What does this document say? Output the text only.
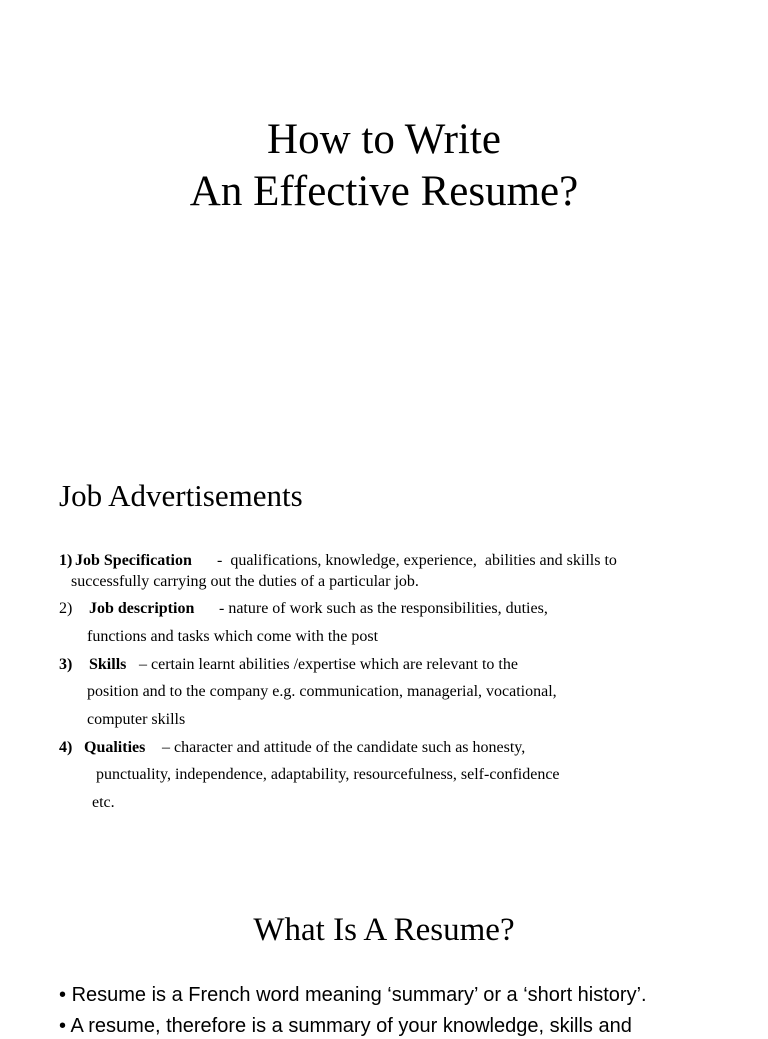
How to Write
An Effective Resume?
Job Advertisements
1) Job Specification -  qualifications, knowledge, experience,  abilities and skills to
successfully carrying out the duties of a particular job.
2) Job description - nature of work such as the responsibilities, duties,
functions and tasks which come with the post
3) Skills – certain learnt abilities /expertise which are relevant to the
position and to the company e.g. communication, managerial, vocational,
computer skills
4) Qualities – character and attitude of the candidate such as honesty,
punctuality, independence, adaptability, resourcefulness, self-confidence
etc.
What Is A Resume?
• Resume is a French word meaning ‘summary’ or a ‘short history’.
• A resume, therefore is a summary of your knowledge, skills and
